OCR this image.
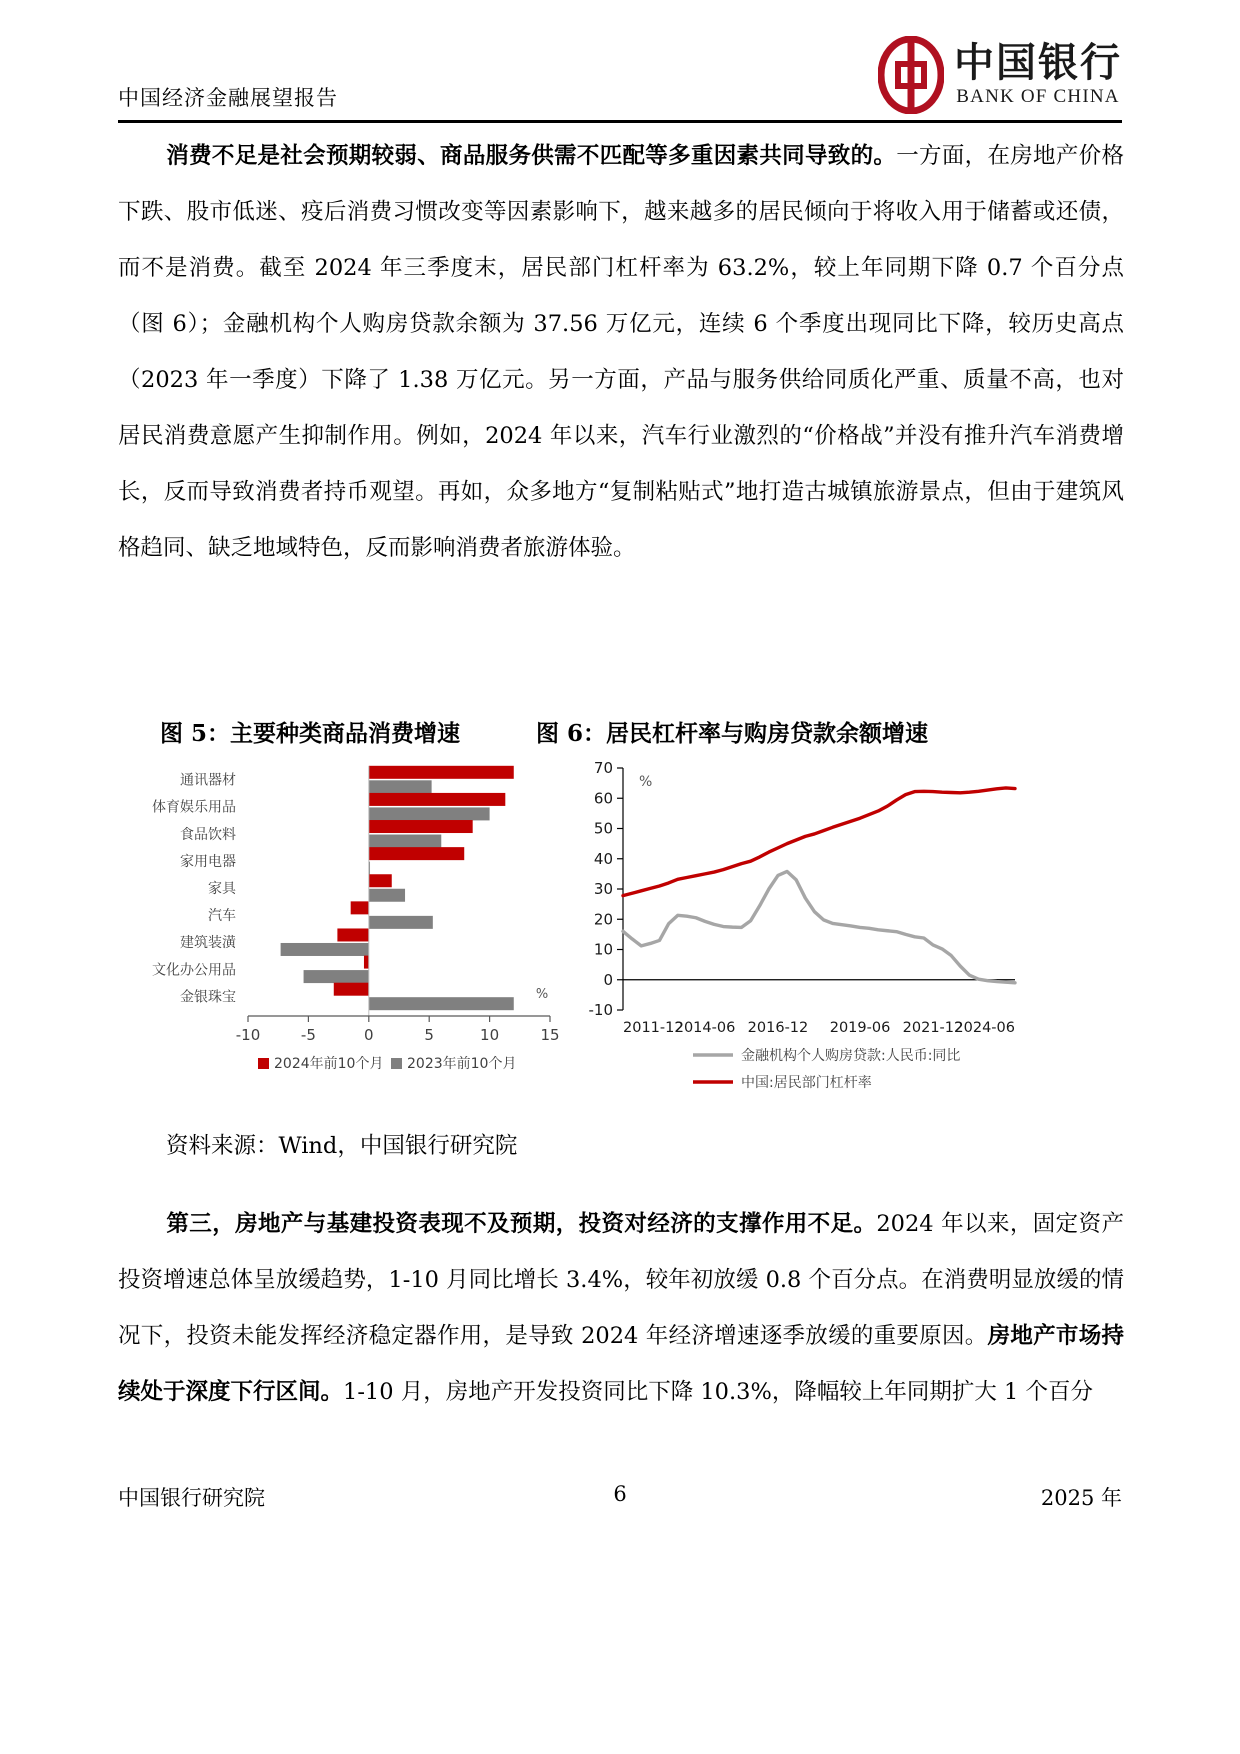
中国经济金融展望报告
中国银行
BANK OF CHINA
消费不足是社会预期较弱、商品服务供需不匹配等多重因素共同导致的。一方面，在房地产价格下跌、股市低迷、疫后消费习惯改变等因素影响下，越来越多的居民倾向于将收入用于储蓄或还债，而不是消费。截至 2024 年三季度末，居民部门杠杆率为 63.2%，较上年同期下降 0.7 个百分点（图 6）；金融机构个人购房贷款余额为 37.56 万亿元，连续 6 个季度出现同比下降，较历史高点（2023 年一季度）下降了 1.38 万亿元。另一方面，产品与服务供给同质化严重、质量不高，也对居民消费意愿产生抑制作用。例如，2024 年以来，汽车行业激烈的“价格战”并没有推升汽车消费增长，反而导致消费者持币观望。再如，众多地方“复制粘贴式”地打造古城镇旅游景点，但由于建筑风格趋同、缺乏地域特色，反而影响消费者旅游体验。
图 5：主要种类商品消费增速	图 6：居民杠杆率与购房贷款余额增速
通讯器材
体育娱乐用品
食品饮料
家用电器
家具
汽车
建筑装潢
文化办公用品
金银珠宝
-10	-5	0	5	10	15
%
2024年前10个月 2023年前10个月
-10
0
10
20
30
40
50
60
70
%
2011-12
2014-06 2016-12 2019-06 2021-12
2024-06
金融机构个人购房贷款:人民币:同比
中国:居民部门杠杆率
资料来源：Wind，中国银行研究院
第三，房地产与基建投资表现不及预期，投资对经济的支撑作用不足。2024 年以来，固定资产投资增速总体呈放缓趋势，1-10 月同比增长 3.4%，较年初放缓 0.8 个百分点。在消费明显放缓的情况下，投资未能发挥经济稳定器作用，是导致 2024 年经济增速逐季放缓的重要原因。房地产市场持续处于深度下行区间。1-10 月，房地产开发投资同比下降 10.3%，降幅较上年同期扩大 1 个百分
中国银行研究院	6	2025 年
